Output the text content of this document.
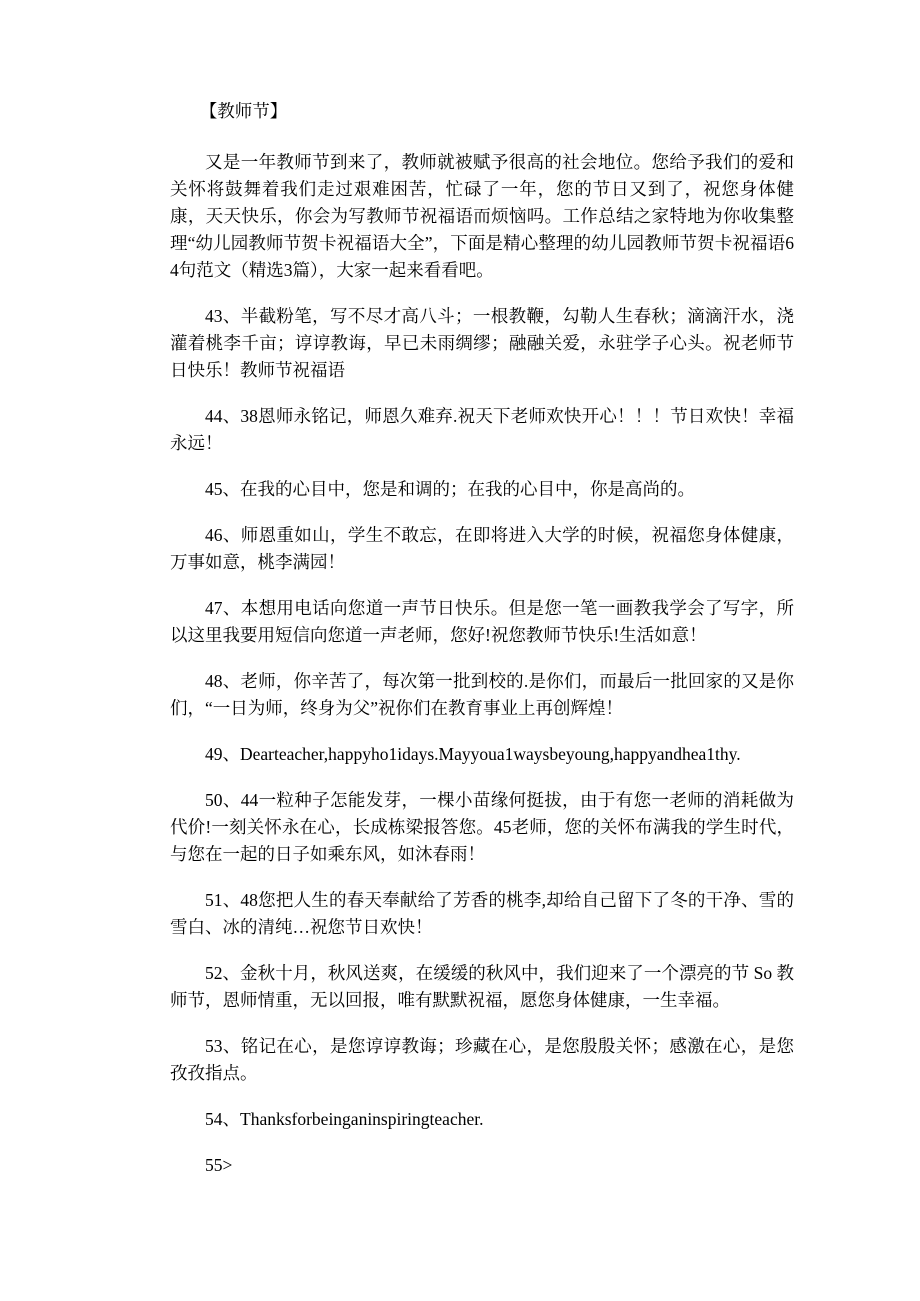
【教师节】

又是一年教师节到来了，教师就被赋予很高的社会地位。您给予我们的爱和关怀将鼓舞着我们走过艰难困苦，忙碌了一年，您的节日又到了，祝您身体健康，天天快乐，你会为写教师节祝福语而烦恼吗。工作总结之家特地为你收集整理“幼儿园教师节贺卡祝福语大全”，下面是精心整理的幼儿园教师节贺卡祝福语64句范文（精选3篇），大家一起来看看吧。

43、半截粉笔，写不尽才高八斗；一根教鞭，勾勒人生春秋；滴滴汗水，浇灌着桃李千亩；谆谆教诲，早已未雨绸缪；融融关爱，永驻学子心头。祝老师节日快乐！教师节祝福语

44、38恩师永铭记，师恩久难弃.祝天下老师欢快开心！！！节日欢快！幸福永远！

45、在我的心目中，您是和调的；在我的心目中，你是高尚的。

46、师恩重如山，学生不敢忘，在即将进入大学的时候，祝福您身体健康，万事如意，桃李满园！

47、本想用电话向您道一声节日快乐。但是您一笔一画教我学会了写字，所以这里我要用短信向您道一声老师，您好!祝您教师节快乐!生活如意！

48、老师，你辛苦了，每次第一批到校的.是你们，而最后一批回家的又是你们，“一日为师，终身为父”祝你们在教育事业上再创辉煌！

49、Dearteacher,happyho1idays.Mayyoua1waysbeyoung,happyandhea1thy.

50、44一粒种子怎能发芽，一棵小苗缘何挺拔，由于有您一老师的消耗做为代价!一刻关怀永在心，长成栋梁报答您。45老师，您的关怀布满我的学生时代，与您在一起的日子如乘东风，如沐春雨！

51、48您把人生的春天奉献给了芳香的桃李,却给自己留下了冬的干净、雪的雪白、冰的清纯…祝您节日欢快！

52、金秋十月，秋风送爽，在缓缓的秋风中，我们迎来了一个漂亮的节 So 教师节，恩师情重，无以回报，唯有默默祝福，愿您身体健康，一生幸福。

53、铭记在心，是您谆谆教诲；珍藏在心，是您殷殷关怀；感激在心，是您孜孜指点。

54、Thanksforbeinganinspiringteacher.

55>
